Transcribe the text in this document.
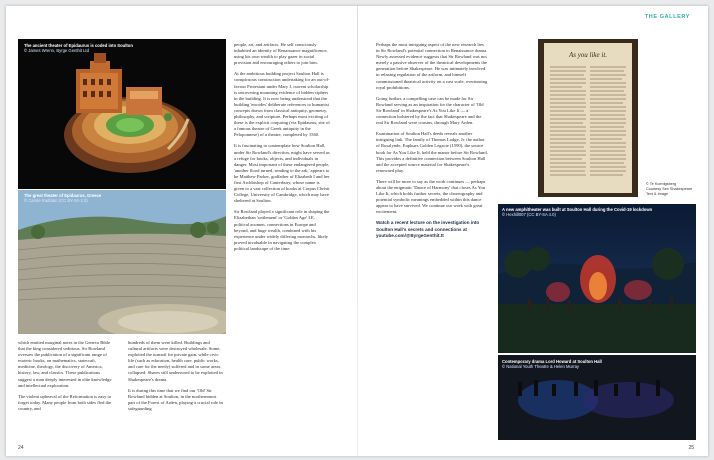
THE GALLERY
The ancient theater of Epidaurus is coded into Soulton
© James Wrenn, Byrge Genthit Ltd
The great theater of Epidaurus, Greece
© Carole Raddato (CC BY-SA 2.0)

which emitted marginal notes in the Geneva Bible that the king considered seditious. Sir Rowland oversaw the publication of a significant range of esoteric books, on mathematics, statecraft, medicine, theology, the discovery of America, history, law, and classics. These publications suggest a man deeply interested in elite knowledge and intellectual exploration.

The violent upheaval of the Reformation is easy to forget today. Many people from both sides fled the country, and

people, art, and artifacts. He self consciously inhabited an identity of Renaissance magnificence, using his own wealth to play gazer in social provision and encouraging others to join him.

At the ambitious building project Soulton Hall is conspicuous construction undertaking for an out-of-favour Protestant under Mary I, current scholarship is uncovering mounting evidence of hidden ciphers in the building. It is now being understood that the building 'encodes' deliberate references to humanist concepts drawn from classical antiquity, geometry, philosophy, and scripture. Perhaps most exciting of these is the explicit conjuring (via Epidaurus, site of a famous theatre of Greek antiquity in the Peloponnese) of a theatre, completed by 1560.

It is fascinating to contemplate how Soulton Hall, under Sir Rowland's direction, might have served as a refuge for books, objects, and individuals in danger. Most important of these endangered people, 'another flood turned, sending to the ark,' appears to be Matthew Parker, godfather of Elizabeth I and her first Archbishop of Canterbury, whose name is given to a vast collection of books at Corpus Christi College, University of Cambridge, which may have sheltered at Soulton.

Sir Rowland played a significant role in shaping the Elizabethan 'settlement' or 'Golden Age' I.E. political acumen, connections in Europe and beyond, and huge wealth, combined with his experience under widely differing monarchs, likely proved invaluable in navigating the complex political landscape of the time.

hundreds of them were killed. Buildings and cultural artifacts were destroyed wholesale. Some, exploited the turmoil for private gain, while civic life (such as education, health care, public works, and care for the needy) suffered and in some areas collapsed. Shares still understood to be exploited in Shakespeare's drama.

It is during this time that we find our 'Old' Sir Rowland hidden at Soulton, in the northernmost part of the Forest of Arden, playing a crucial role in safeguarding

24

Perhaps the most intriguing aspect of the new research lies in Sir Rowland's potential connection to Renaissance drama. Newly assessed evidence suggests that Sir Rowland was not merely a passive observer of the theatrical developments the generation before Shakespeare. He was intimately involved in relaxing regulation of the artform, and himself commissioned theatrical activity on a vast scale, overturning royal prohibitions.

Going further, a compelling case can be made for Sir Rowland serving as an inspiration for the character of 'Old Sir Rowland' in Shakespeare's As You Like It — a connection bolstered by the fact that Shakespeare and the real Sir Rowland were cousins, through Mary Arden.

Examination of Soulton Hall's deeds reveals another intriguing link. The family of Thomas Lodge, Jr. the author of Rosalynde, Euphues Golden Legacie (1590), the source book for As You Like It, held the manor before Sir Rowland. This provides a definitive connection between Soulton Hall and the accepted source material for Shakespeare's renowned play.

There will be more to say as the work continues — perhaps about the enigmatic 'Dance of Harmony' that closes As You Like It, which holds further secrets, the choreography and potential symbolic meanings embedded within this dance appear to have survived. We continue our work with great excitement.

Watch a recent lecture on the investigation into Soulton Hall's secrets and connections at youtube.com/@ByrgeGenthit.tt

As you like it.
© Te Koenigsberg
Courtesy Sex Shakespeare
Text & Image
A new amphitheater was built at Soulton Hall during the Covid-19 lockdown
© Hexhill007 (CC BY-SA 4.0)
Contemporary drama Lord Howard at Soulton Hall
© National Youth Theatre & Helen Murray
25
